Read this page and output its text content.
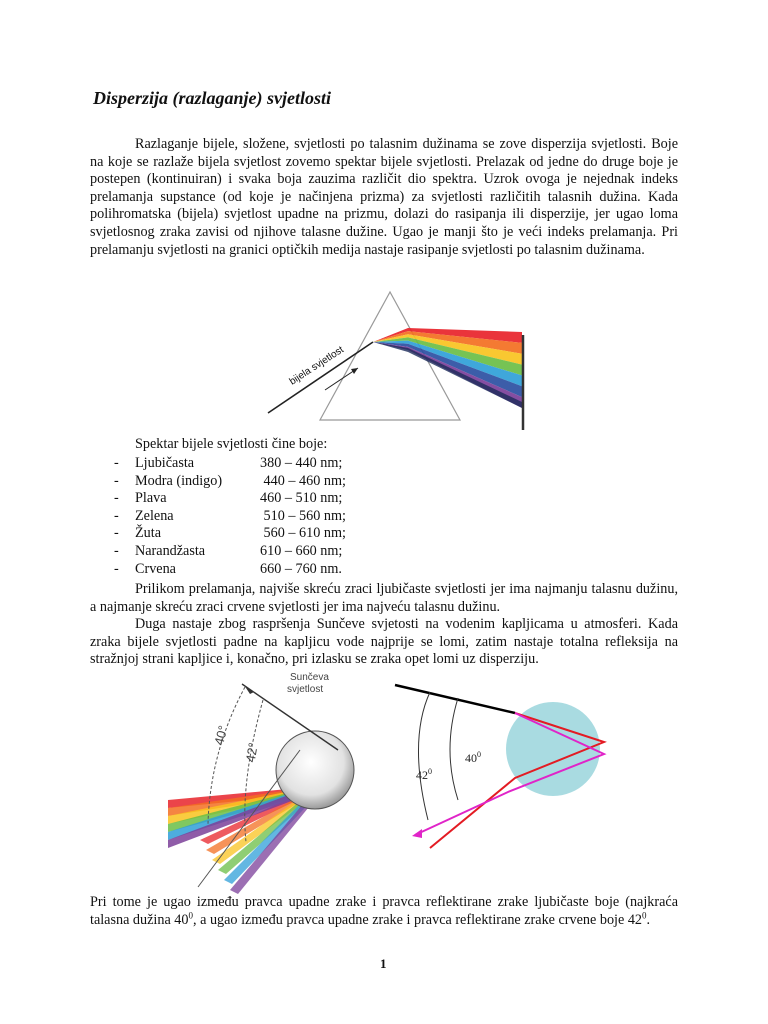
Disperzija (razlaganje) svjetlosti
Razlaganje bijele, složene, svjetlosti po talasnim dužinama se zove disperzija svjetlosti. Boje na koje se razlaže bijela svjetlost zovemo spektar bijele svjetlosti. Prelazak od jedne do druge boje je postepen (kontinuiran) i svaka boja zauzima različit dio spektra. Uzrok ovoga je nejednak indeks prelamanja supstance (od koje je načinjena prizma) za svjetlosti različitih talasnih dužina. Kada polihromatska (bijela) svjetlost upadne na prizmu, dolazi do rasipanja ili disperzije, jer ugao loma svjetlosnog zraka zavisi od njihove talasne dužine. Ugao je manji što je veći indeks prelamanja. Pri prelamanju svjetlosti na granici optičkih medija nastaje rasipanje svjetlosti po talasnim dužinama.
bijela svjetlost
Spektar bijele svjetlosti čine boje:
- Ljubičasta	380 – 440 nm;
- Modra (indigo)	440 – 460 nm;
- Plava	460 – 510 nm;
- Zelena	510 – 560 nm;
- Žuta	560 – 610 nm;
- Narandžasta	610 – 660 nm;
- Crvena	660 – 760 nm.
Prilikom prelamanja, najviše skreću zraci ljubičaste svjetlosti jer ima najmanju talasnu dužinu, a najmanje skreću zraci crvene svjetlosti jer ima najveću talasnu dužinu.
Duga nastaje zbog raspršenja Sunčeve svjetosti na vodenim kapljicama u atmosferi. Kada zraka bijele svjetlosti padne na kapljicu vode najprije se lomi, zatim nastaje totalna refleksija na stražnjoj strani kapljice i, konačno, pri izlasku se zraka opet lomi uz disperziju.
Sunčeva
svjetlost
40°
42°
$42^0$
$40^0$
Pri tome je ugao između pravca upadne zrake i pravca reflektirane zrake ljubičaste boje (najkraća talasna dužina $40^0$, a ugao između pravca upadne zrake i pravca reflektirane zrake crvene boje $42^0$.
1
